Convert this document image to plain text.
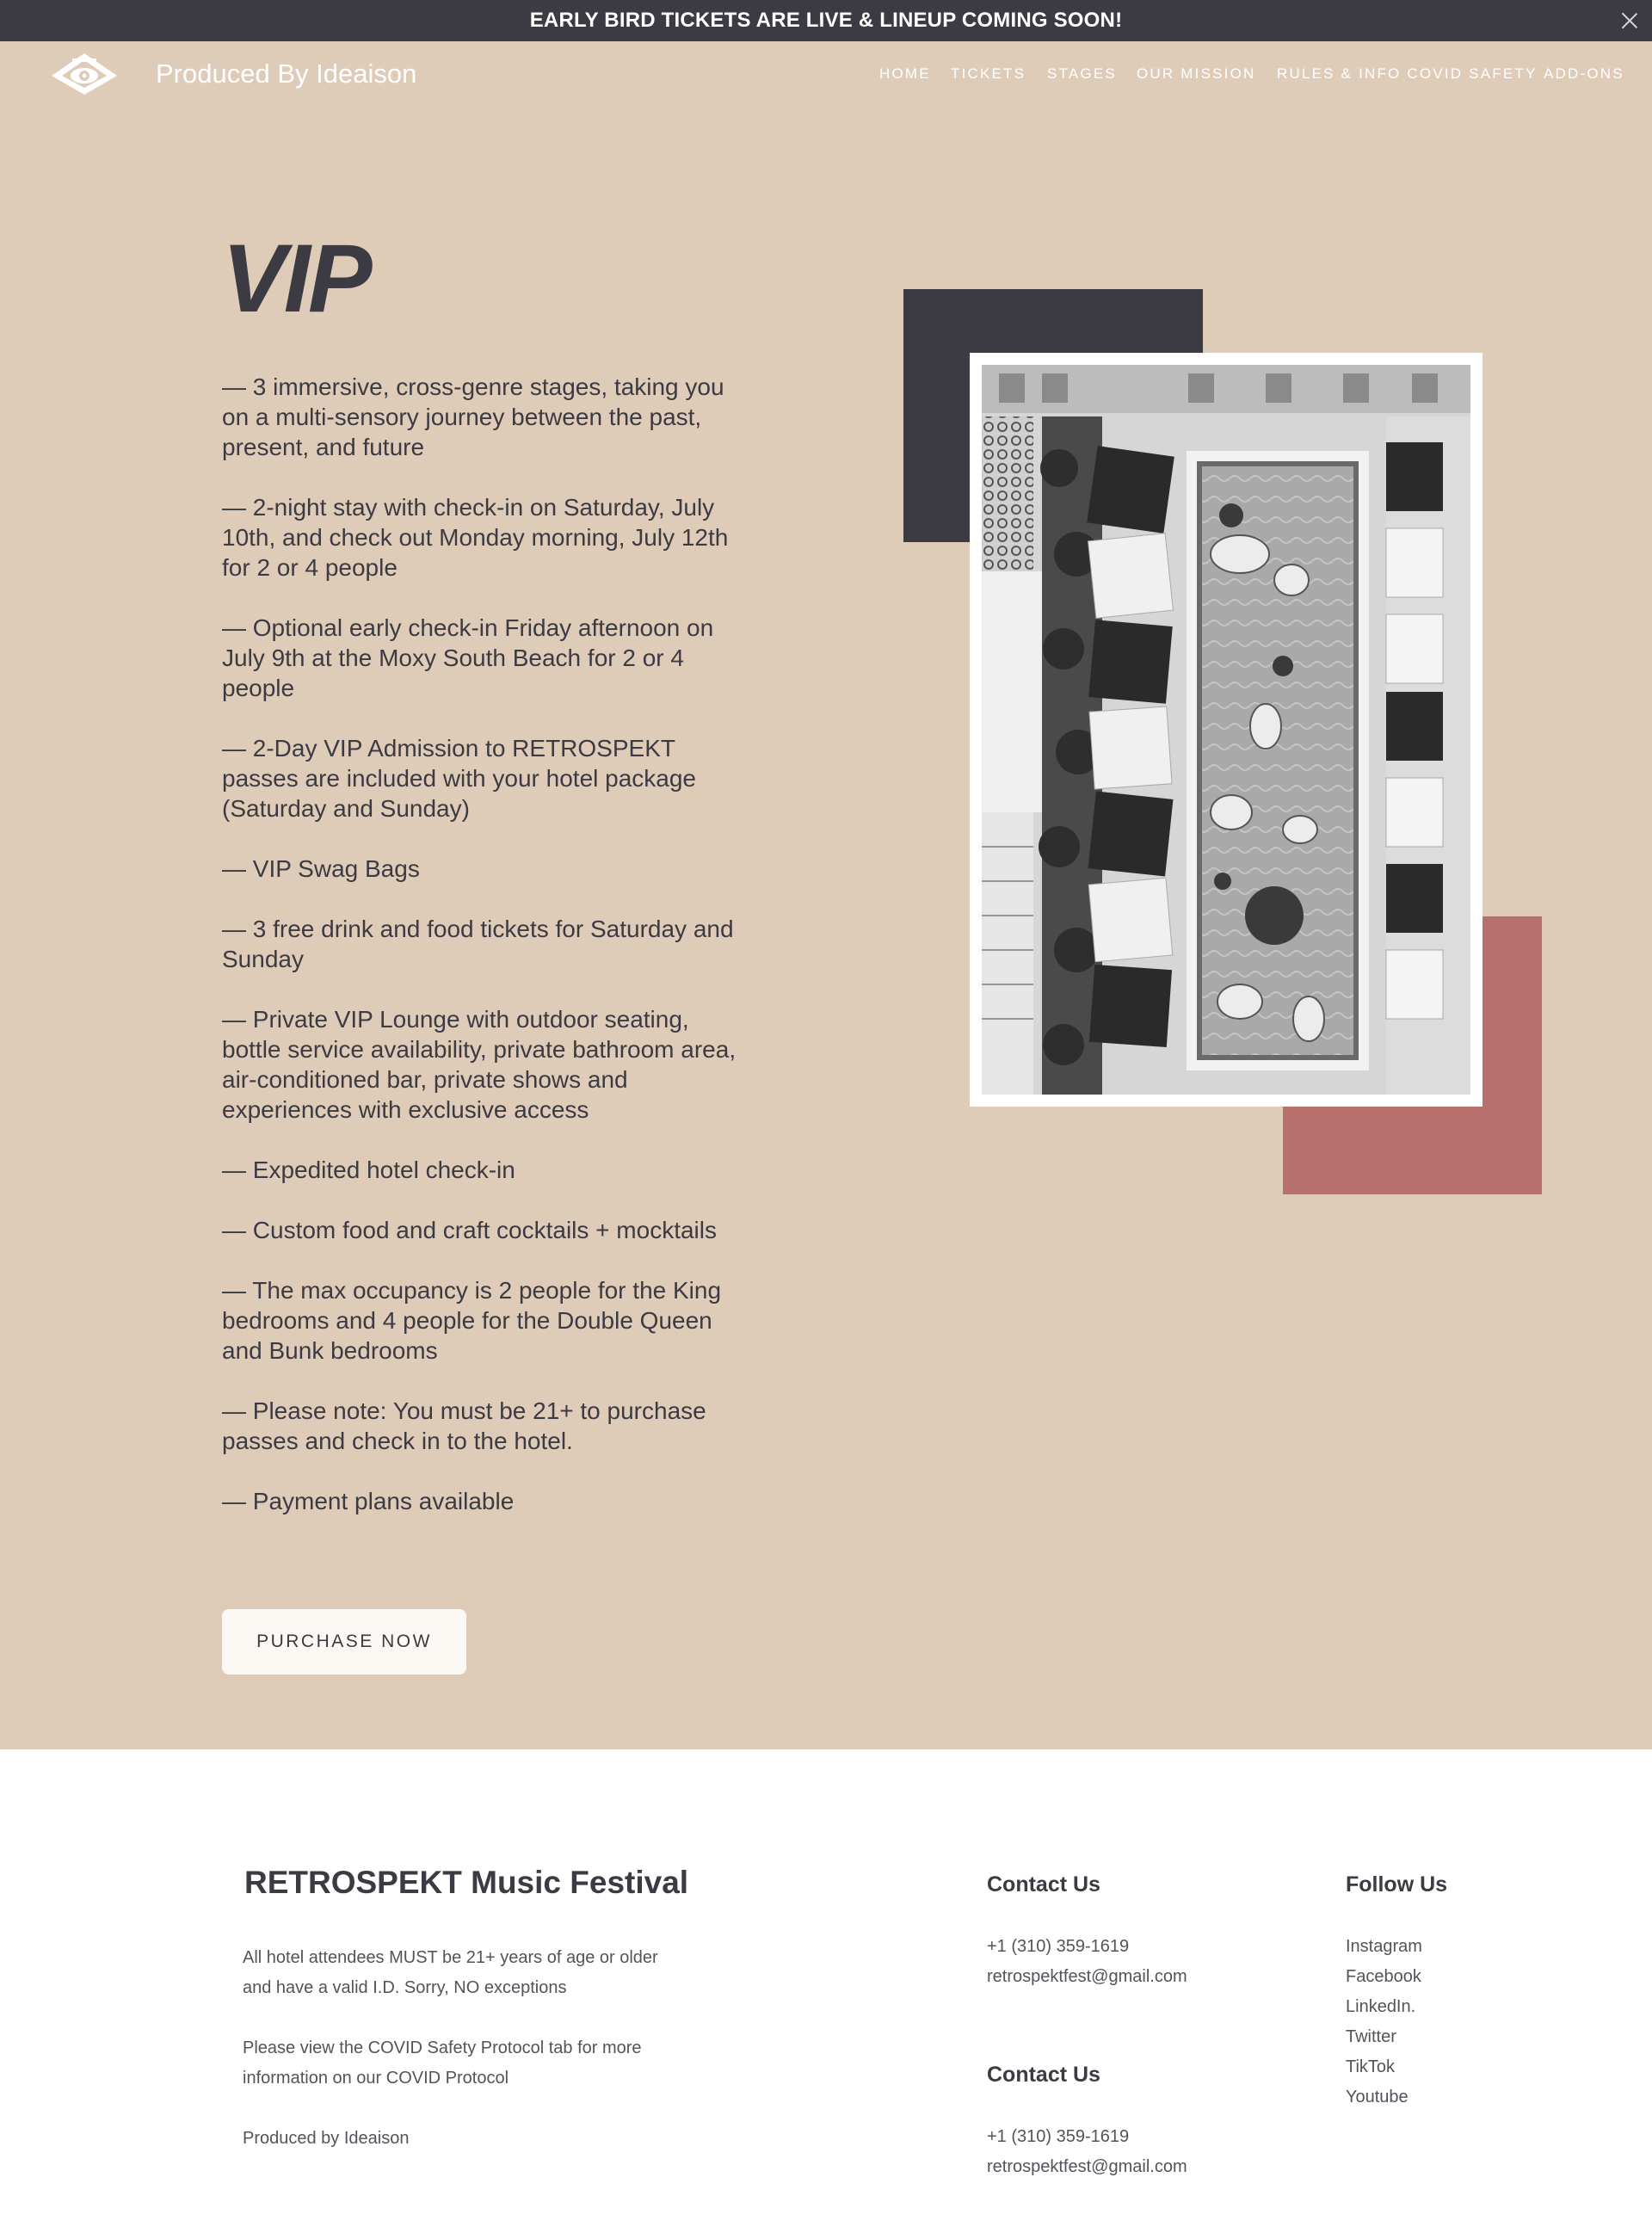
EARLY BIRD TICKETS ARE LIVE & LINEUP COMING SOON!
Produced By Ideaison	HOME TICKETS STAGES OUR MISSION RULES & INFO COVID SAFETY ADD-ONS
VIP
— 3 immersive, cross-genre stages, taking you on a multi-sensory journey between the past, present, and future
— 2-night stay with check-in on Saturday, July 10th, and check out Monday morning, July 12th for 2 or 4 people
— Optional early check-in Friday afternoon on July 9th at the Moxy South Beach for 2 or 4 people
— 2-Day VIP Admission to RETROSPEKT passes are included with your hotel package (Saturday and Sunday)
— VIP Swag Bags
— 3 free drink and food tickets for Saturday and Sunday
— Private VIP Lounge with outdoor seating, bottle service availability, private bathroom area, air-conditioned bar, private shows and experiences with exclusive access
— Expedited hotel check-in
— Custom food and craft cocktails + mocktails
— The max occupancy is 2 people for the King bedrooms and 4 people for the Double Queen and Bunk bedrooms
— Please note: You must be 21+ to purchase passes and check in to the hotel.
— Payment plans available
PURCHASE NOW
RETROSPEKT Music Festival

All hotel attendees MUST be 21+ years of age or older and have a valid I.D. Sorry, NO exceptions

Please view the COVID Safety Protocol tab for more information on our COVID Protocol

Produced by Ideaison

Contact Us
+1 (310) 359-1619
retrospektfest@gmail.com
Contact Us
+1 (310) 359-1619
retrospektfest@gmail.com
Follow Us
Instagram
Facebook
LinkedIn.
Twitter
TikTok
Youtube
